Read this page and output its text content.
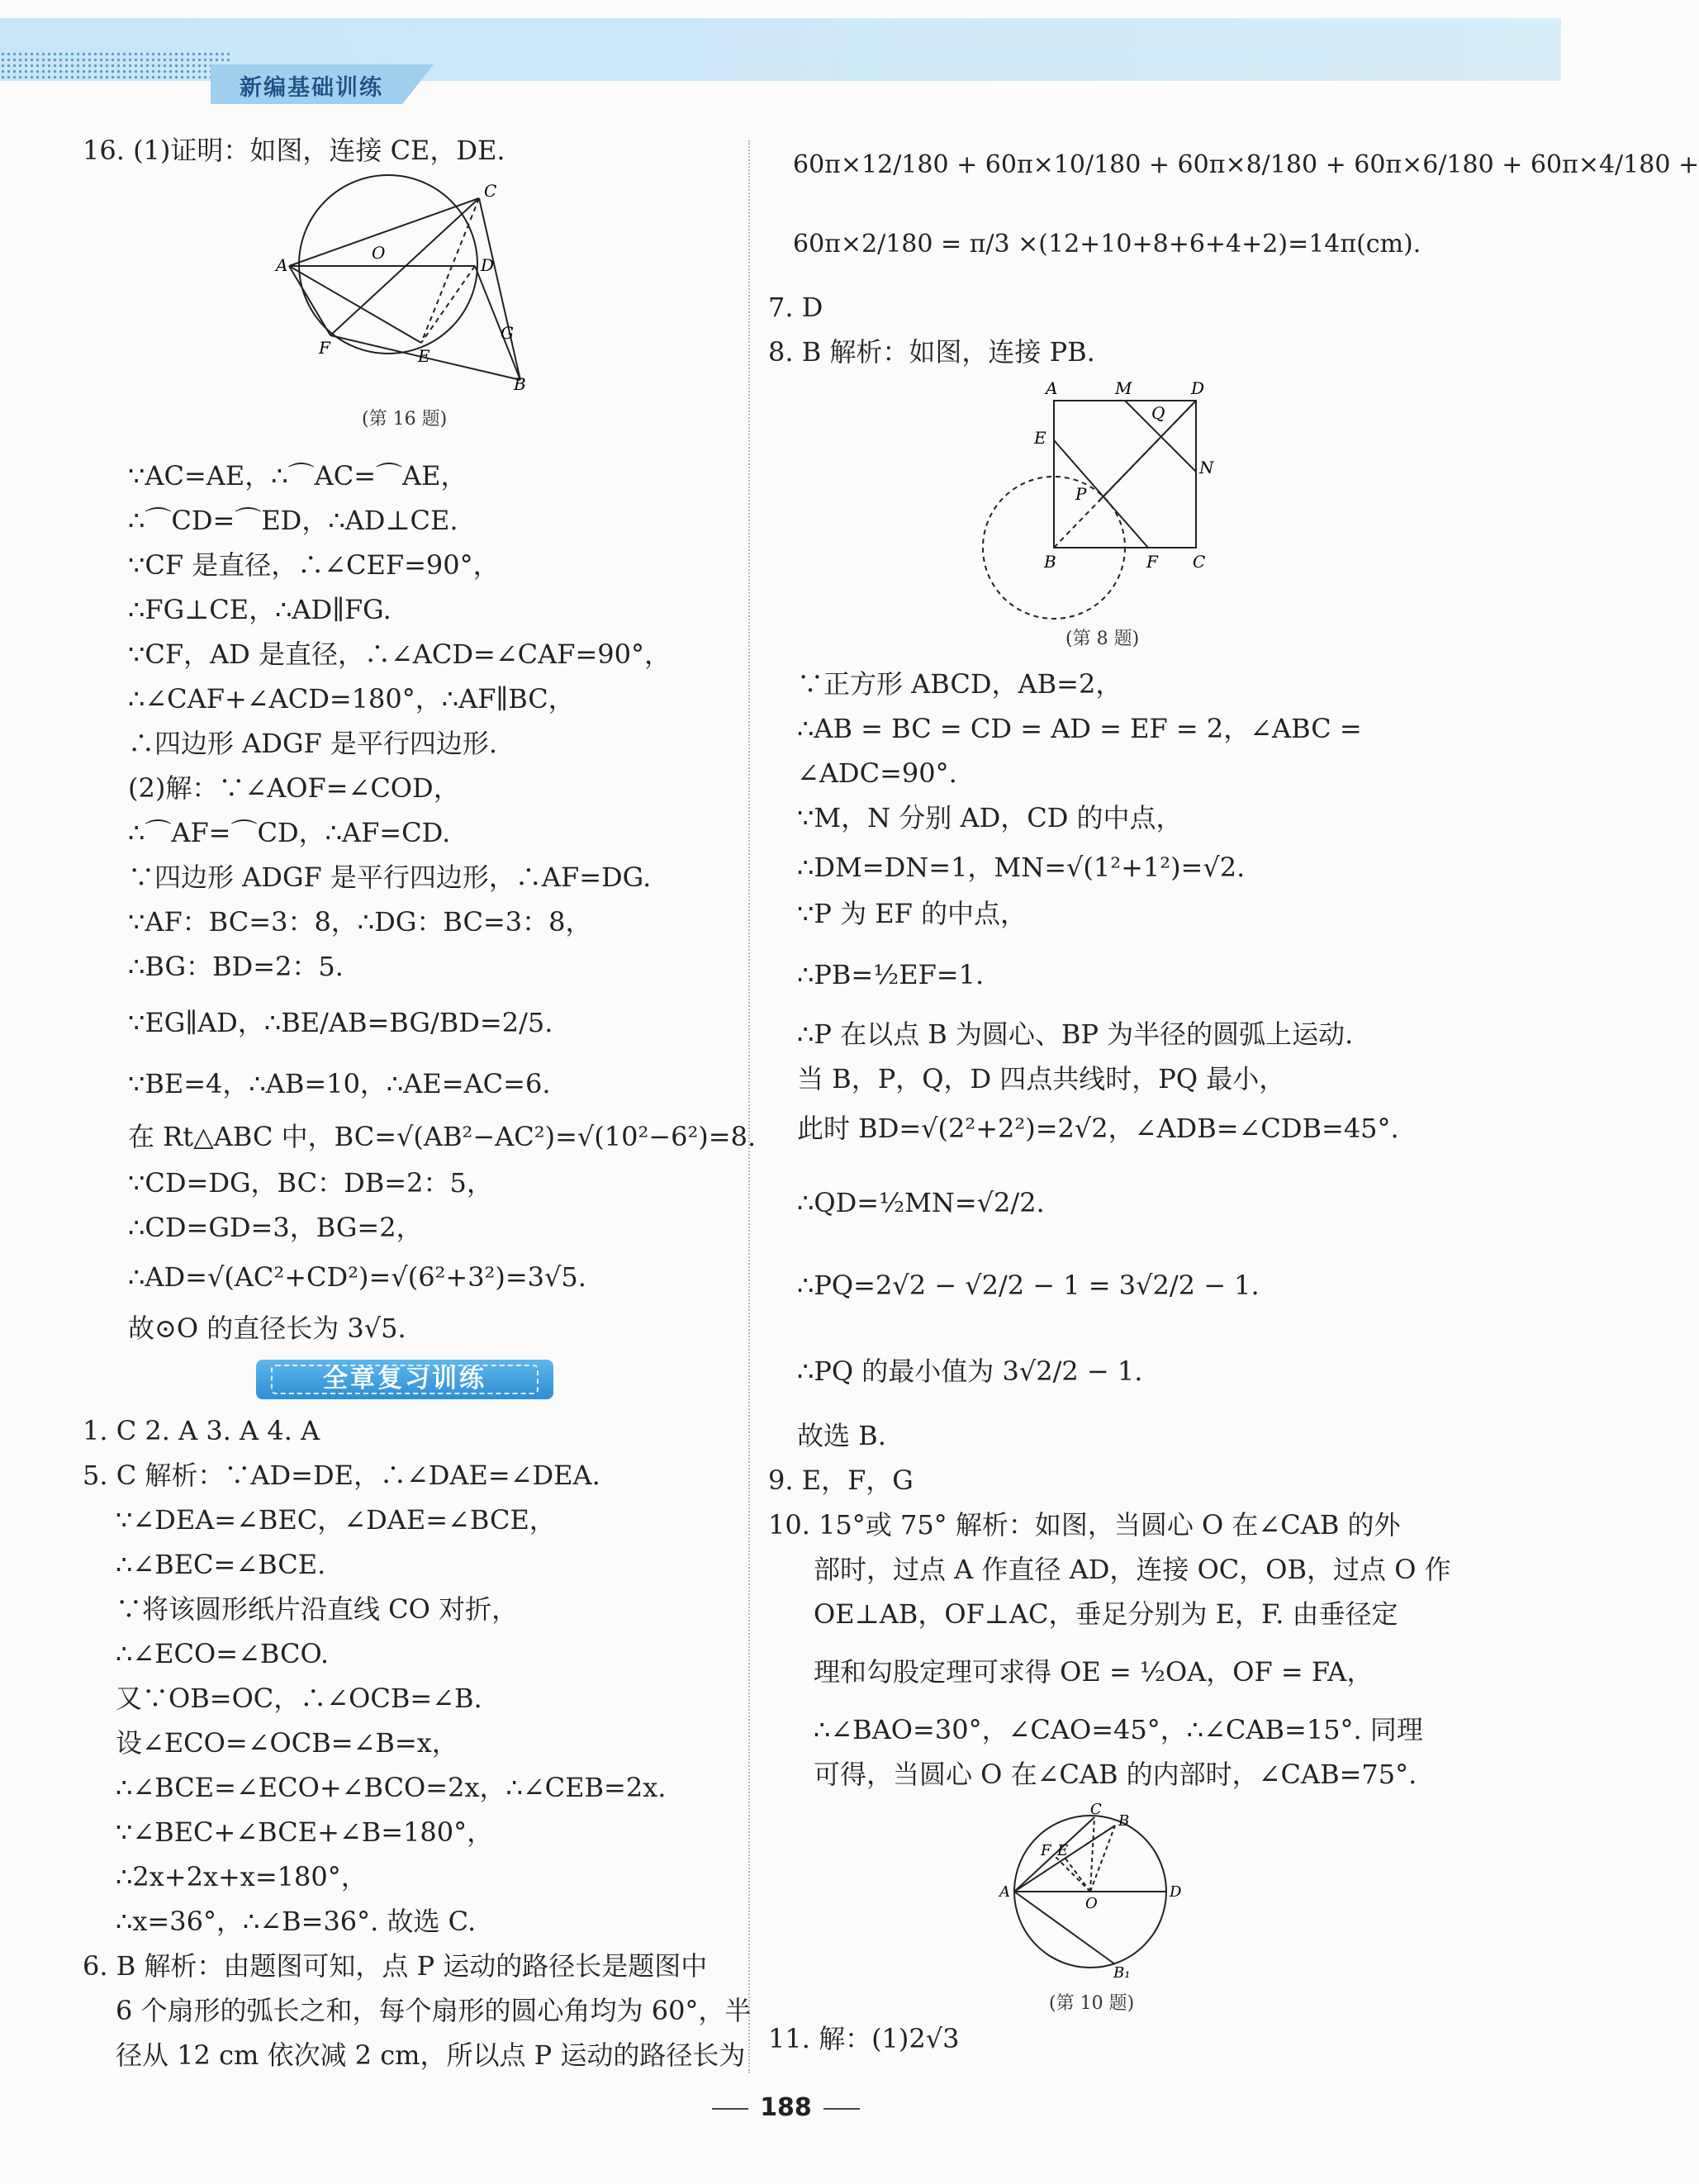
新编基础训练
16. (1)证明：如图，连接 CE，DE.
A
C
D
O
F	E
G
B
(第 16 题)
∵AC=AE，∴⌒AC=⌒AE，
∴⌒CD=⌒ED，∴AD⊥CE.
∵CF 是直径，∴∠CEF=90°，
∴FG⊥CE，∴AD∥FG.
∵CF，AD 是直径，∴∠ACD=∠CAF=90°，
∴∠CAF+∠ACD=180°，∴AF∥BC，
∴四边形 ADGF 是平行四边形.
(2)解：∵∠AOF=∠COD，
∴⌒AF=⌒CD，∴AF=CD.
∵四边形 ADGF 是平行四边形，∴AF=DG.
∵AF：BC=3：8，∴DG：BC=3：8，
∴BG：BD=2：5.
∵EG∥AD，∴BE/AB=BG/BD=2/5.
∵BE=4，∴AB=10，∴AE=AC=6.
在 Rt△ABC 中，BC=√(AB²−AC²)=√(10²−6²)=8.
∵CD=DG，BC：DB=2：5，
∴CD=GD=3，BG=2，
∴AD=√(AC²+CD²)=√(6²+3²)=3√5.
故⊙O 的直径长为 3√5.
全章复习训练
1. C 2. A 3. A 4. A
5. C 解析：∵AD=DE，∴∠DAE=∠DEA.
∵∠DEA=∠BEC，∠DAE=∠BCE，
∴∠BEC=∠BCE.
∵将该圆形纸片沿直线 CO 对折，
∴∠ECO=∠BCO.
又∵OB=OC，∴∠OCB=∠B.
设∠ECO=∠OCB=∠B=x，
∴∠BCE=∠ECO+∠BCO=2x，∴∠CEB=2x.
∵∠BEC+∠BCE+∠B=180°，
∴2x+2x+x=180°，
∴x=36°，∴∠B=36°. 故选 C.
6. B 解析：由题图可知，点 P 运动的路径长是题图中
6 个扇形的弧长之和，每个扇形的圆心角均为 60°，半
径从 12 cm 依次减 2 cm，所以点 P 运动的路径长为
60π×12/180 + 60π×10/180 + 60π×8/180 + 60π×6/180 + 60π×4/180 +
60π×2/180 = π/3 ×(12+10+8+6+4+2)=14π(cm).
7. D
8. B 解析：如图，连接 PB.
A	M	D
E
Q
N
P
B	F C
(第 8 题)
∵正方形 ABCD，AB=2，
∴AB = BC = CD = AD = EF = 2，∠ABC =
∠ADC=90°.
∵M，N 分别 AD，CD 的中点，
∴DM=DN=1，MN=√(1²+1²)=√2.
∵P 为 EF 的中点，
∴PB=½EF=1.
∴P 在以点 B 为圆心、BP 为半径的圆弧上运动.
当 B，P，Q，D 四点共线时，PQ 最小，
此时 BD=√(2²+2²)=2√2，∠ADB=∠CDB=45°.
∴QD=½MN=√2/2.
∴PQ=2√2 − √2/2 − 1 = 3√2/2 − 1.
∴PQ 的最小值为 3√2/2 − 1.
故选 B.
9. E，F，G
10. 15°或 75° 解析：如图，当圆心 O 在∠CAB 的外
部时，过点 A 作直径 AD，连接 OC，OB，过点 O 作
OE⊥AB，OF⊥AC，垂足分别为 E，F. 由垂径定
理和勾股定理可求得 OE = ½OA，OF = FA，
∴∠BAO=30°，∠CAO=45°，∴∠CAB=15°. 同理
可得，当圆心 O 在∠CAB 的内部时，∠CAB=75°.
A
C
B
D
O
F E
B₁
(第 10 题)
11. 解：(1)2√3
188
